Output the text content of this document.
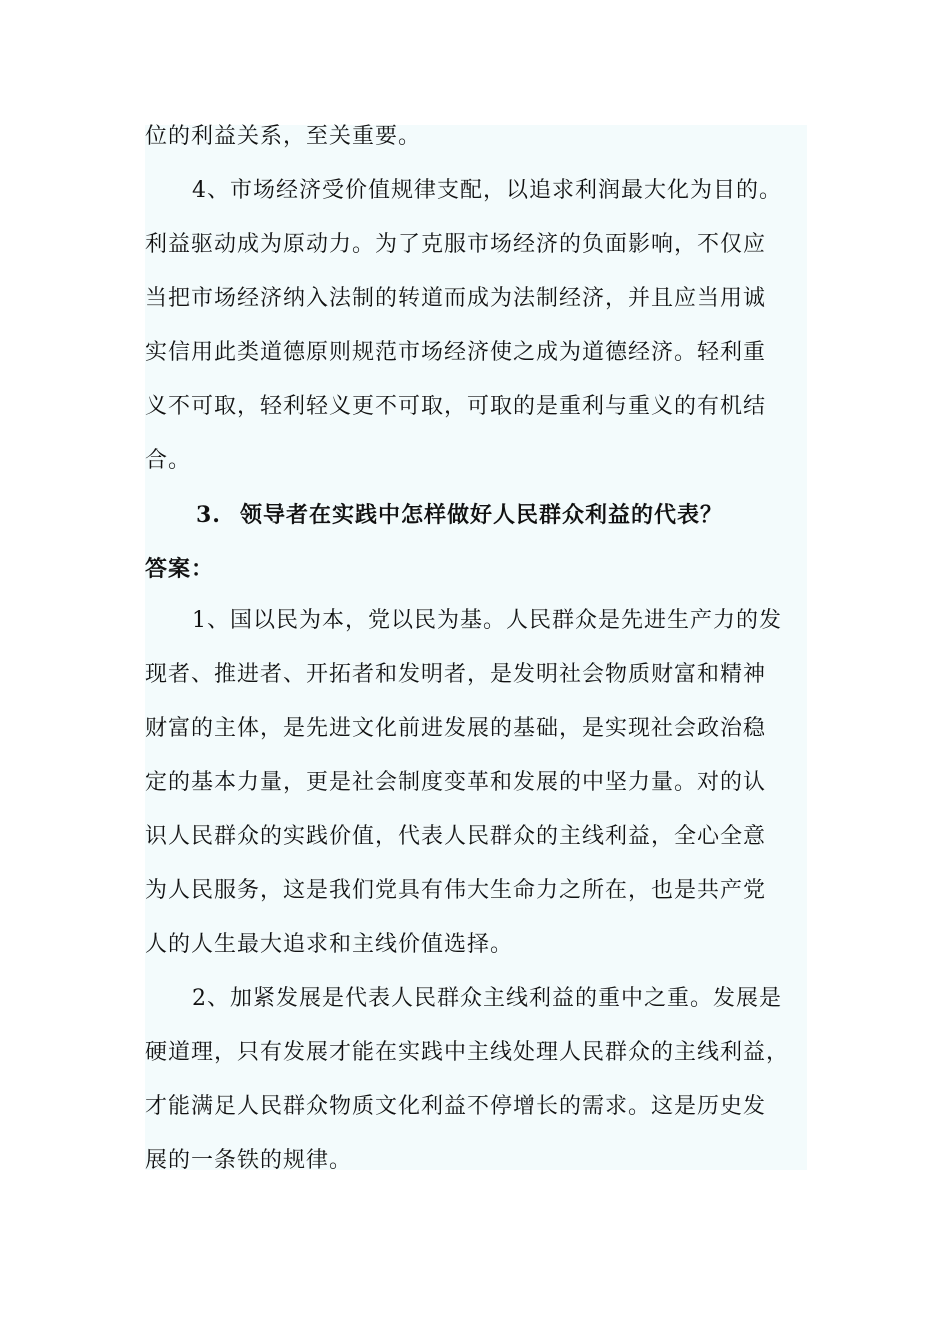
位的利益关系，至关重要。
4、市场经济受价值规律支配，以追求利润最大化为目的。
利益驱动成为原动力。为了克服市场经济的负面影响，不仅应
当把市场经济纳入法制的转道而成为法制经济，并且应当用诚
实信用此类道德原则规范市场经济使之成为道德经济。轻利重
义不可取，轻利轻义更不可取，可取的是重利与重义的有机结
合。
3. 领导者在实践中怎样做好人民群众利益的代表？
答案：
1、国以民为本，党以民为基。人民群众是先进生产力的发
现者、推进者、开拓者和发明者，是发明社会物质财富和精神
财富的主体，是先进文化前进发展的基础，是实现社会政治稳
定的基本力量，更是社会制度变革和发展的中坚力量。对的认
识人民群众的实践价值，代表人民群众的主线利益，全心全意
为人民服务，这是我们党具有伟大生命力之所在，也是共产党
人的人生最大追求和主线价值选择。
2、加紧发展是代表人民群众主线利益的重中之重。发展是
硬道理，只有发展才能在实践中主线处理人民群众的主线利益，
才能满足人民群众物质文化利益不停增长的需求。这是历史发
展的一条铁的规律。
